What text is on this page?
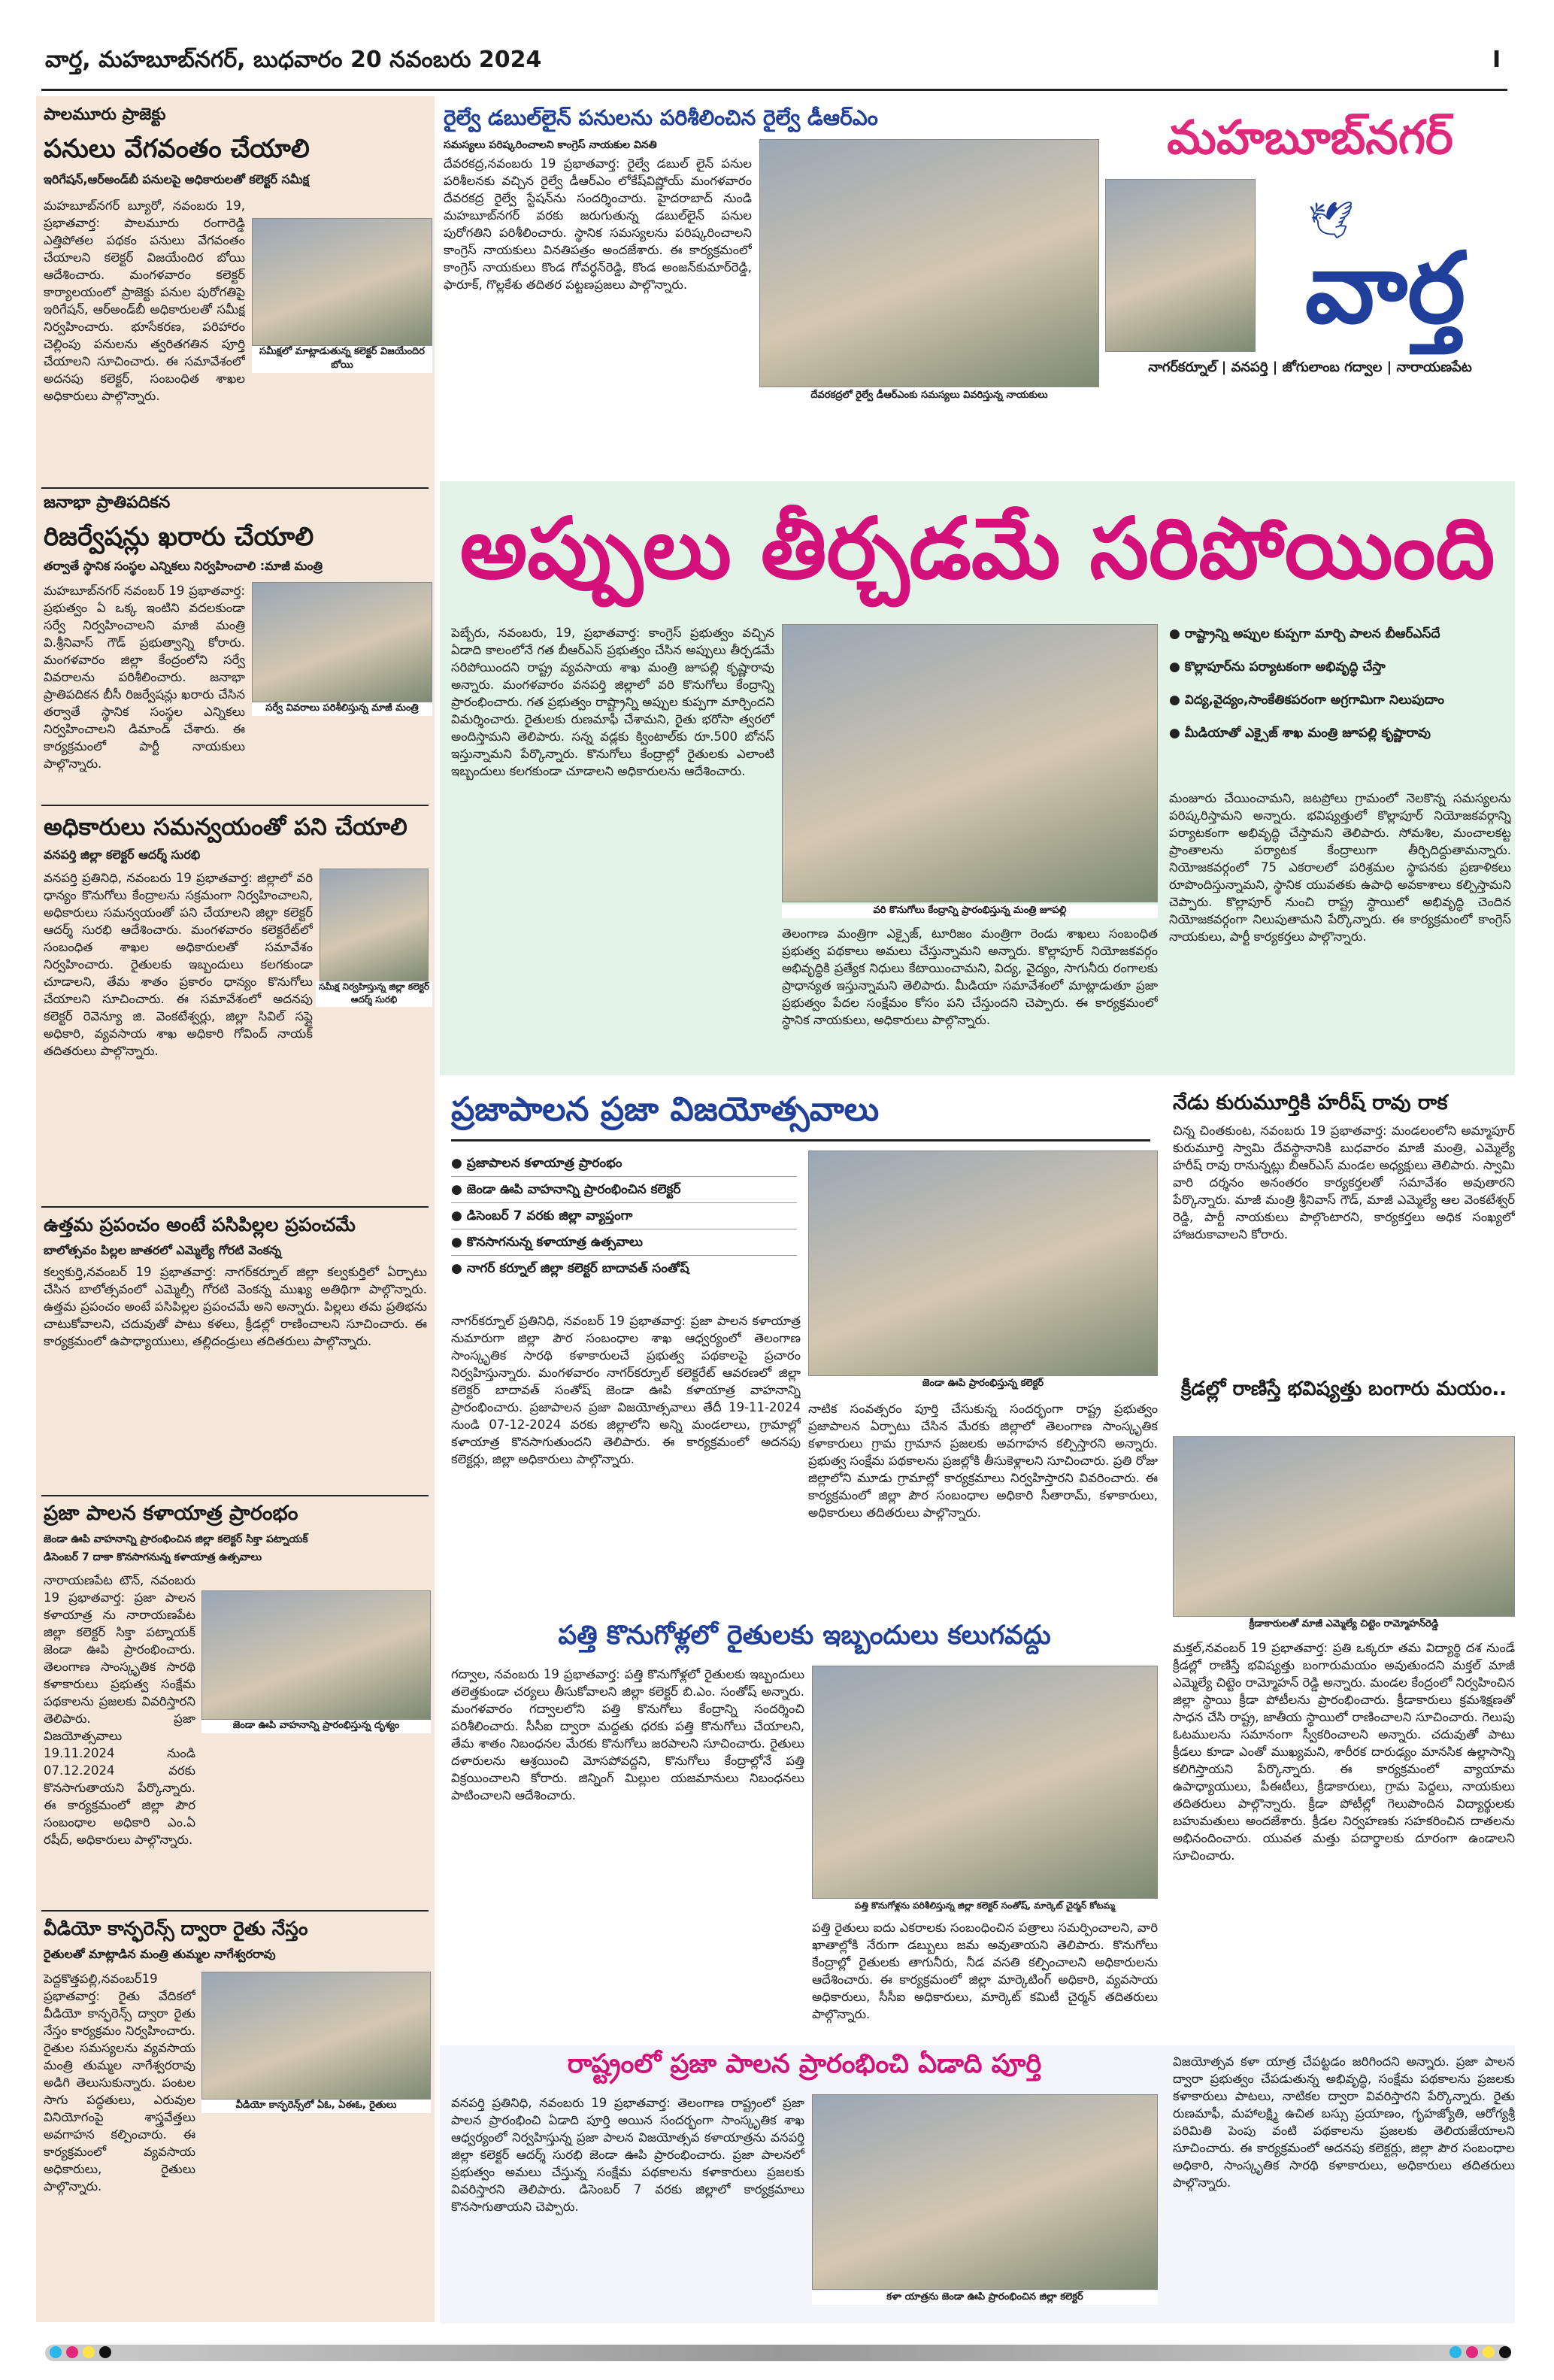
వార్త, మహబూబ్‌నగర్, బుధవారం 20 నవంబరు 2024	I
పాలమూరు ప్రాజెక్టు
పనులు వేగవంతం చేయాలి
ఇరిగేషన్,ఆర్‌అండ్‌బీ పనులపై అధికారులతో కలెక్టర్ సమీక్ష
సమీక్షలో మాట్లాడుతున్న కలెక్టర్ విజయేందిర బోయి
మహబూబ్‌నగర్ బ్యూరో, నవంబరు 19, ప్రభాతవార్త: పాలమూరు రంగారెడ్డి ఎత్తిపోతల పథకం పనులు వేగవంతం చేయాలని కలెక్టర్ విజయేందిర బోయి ఆదేశించారు. మంగళవారం కలెక్టర్ కార్యాలయంలో ప్రాజెక్టు పనుల పురోగతిపై ఇరిగేషన్, ఆర్‌అండ్‌బీ అధికారులతో సమీక్ష నిర్వహించారు. భూసేకరణ, పరిహారం చెల్లింపు పనులను త్వరితగతిన పూర్తి చేయాలని సూచించారు. ఈ సమావేశంలో అదనపు కలెక్టర్, సంబంధిత శాఖల అధికారులు పాల్గొన్నారు.
జనాభా ప్రాతిపదికన
రిజర్వేషన్లు ఖరారు చేయాలి
తర్వాతే స్థానిక సంస్థల ఎన్నికలు నిర్వహించాలి :మాజీ మంత్రి
సర్వే వివరాలు పరిశీలిస్తున్న మాజీ మంత్రి
మహబూబ్‌నగర్ నవంబర్ 19 ప్రభాతవార్త: ప్రభుత్వం ఏ ఒక్క ఇంటిని వదలకుండా సర్వే నిర్వహించాలని మాజీ మంత్రి వి.శ్రీనివాస్ గౌడ్ ప్రభుత్వాన్ని కోరారు. మంగళవారం జిల్లా కేంద్రంలోని సర్వే వివరాలను పరిశీలించారు. జనాభా ప్రాతిపదికన బీసీ రిజర్వేషన్లు ఖరారు చేసిన తర్వాతే స్థానిక సంస్థల ఎన్నికలు నిర్వహించాలని డిమాండ్ చేశారు. ఈ కార్యక్రమంలో పార్టీ నాయకులు పాల్గొన్నారు.
అధికారులు సమన్వయంతో పని చేయాలి
వనపర్తి జిల్లా కలెక్టర్ ఆదర్శ్ సురభి
సమీక్ష నిర్వహిస్తున్న జిల్లా కలెక్టర్ ఆదర్శ్ సురభి
వనపర్తి ప్రతినిధి, నవంబరు 19 ప్రభాతవార్త: జిల్లాలో వరి ధాన్యం కొనుగోలు కేంద్రాలను సక్రమంగా నిర్వహించాలని, అధికారులు సమన్వయంతో పని చేయాలని జిల్లా కలెక్టర్ ఆదర్శ్ సురభి ఆదేశించారు. మంగళవారం కలెక్టరేట్‌లో సంబంధిత శాఖల అధికారులతో సమావేశం నిర్వహించారు. రైతులకు ఇబ్బందులు కలగకుండా చూడాలని, తేమ శాతం ప్రకారం ధాన్యం కొనుగోలు చేయాలని సూచించారు. ఈ సమావేశంలో అదనపు కలెక్టర్ రెవెన్యూ జి. వెంకటేశ్వర్లు, జిల్లా సివిల్ సప్లై అధికారి, వ్యవసాయ శాఖ అధికారి గోవింద్ నాయక్ తదితరులు పాల్గొన్నారు.
ఉత్తమ ప్రపంచం అంటే పసిపిల్లల ప్రపంచమే
బాలోత్సవం పిల్లల జాతరలో ఎమ్మెల్యే గోరటి వెంకన్న
కల్వకుర్తి,నవంబర్ 19 ప్రభాతవార్త: నాగర్‌కర్నూల్ జిల్లా కల్వకుర్తిలో ఏర్పాటు చేసిన బాలోత్సవంలో ఎమ్మెల్సీ గోరటి వెంకన్న ముఖ్య అతిథిగా పాల్గొన్నారు. ఉత్తమ ప్రపంచం అంటే పసిపిల్లల ప్రపంచమే అని అన్నారు. పిల్లలు తమ ప్రతిభను చాటుకోవాలని, చదువుతో పాటు కళలు, క్రీడల్లో రాణించాలని సూచించారు. ఈ కార్యక్రమంలో ఉపాధ్యాయులు, తల్లిదండ్రులు తదితరులు పాల్గొన్నారు.
ప్రజా పాలన కళాయాత్ర ప్రారంభం
జెండా ఊపి వాహనాన్ని ప్రారంభించిన జిల్లా కలెక్టర్ సిక్తా పట్నాయక్
డిసెంబర్ 7 దాకా కొనసాగనున్న కళాయాత్ర ఉత్సవాలు
జెండా ఊపి వాహనాన్ని ప్రారంభిస్తున్న దృశ్యం
నారాయణపేట టౌన్, నవంబరు 19 ప్రభాతవార్త: ప్రజా పాలన కళాయాత్ర ను నారాయణపేట జిల్లా కలెక్టర్ సిక్తా పట్నాయక్ జెండా ఊపి ప్రారంభించారు. తెలంగాణ సాంస్కృతిక సారథి కళాకారులు ప్రభుత్వ సంక్షేమ పథకాలను ప్రజలకు వివరిస్తారని తెలిపారు. ప్రజా విజయోత్సవాలు 19.11.2024 నుండి 07.12.2024 వరకు కొనసాగుతాయని పేర్కొన్నారు. ఈ కార్యక్రమంలో జిల్లా పౌర సంబంధాల అధికారి ఎం.ఏ రషీద్, అధికారులు పాల్గొన్నారు.
వీడియో కాన్ఫరెన్స్ ద్వారా రైతు నేస్తం
రైతులతో మాట్లాడిన మంత్రి తుమ్మల నాగేశ్వరరావు
వీడియో కాన్ఫరెన్స్‌లో ఏఓ, ఏఈఓ, రైతులు
పెద్దకొత్తపల్లి,నవంబర్19 ప్రభాతవార్త: రైతు వేదికలో వీడియో కాన్ఫరెన్స్ ద్వారా రైతు నేస్తం కార్యక్రమం నిర్వహించారు. రైతుల సమస్యలను వ్యవసాయ మంత్రి తుమ్మల నాగేశ్వరరావు అడిగి తెలుసుకున్నారు. పంటల సాగు పద్ధతులు, ఎరువుల వినియోగంపై శాస్త్రవేత్తలు అవగాహన కల్పించారు. ఈ కార్యక్రమంలో వ్యవసాయ అధికారులు, రైతులు పాల్గొన్నారు.
రైల్వే డబుల్‌లైన్ పనులను పరిశీలించిన రైల్వే డీఆర్‌ఎం
సమస్యలు పరిష్కరించాలని కాంగ్రెస్ నాయకుల వినతి
దేవరకద్ర,నవంబరు 19 ప్రభాతవార్త: రైల్వే డబుల్ లైన్ పనుల పరిశీలనకు వచ్చిన రైల్వే డీఆర్‌ఎం లోకేష్‌విష్ణోయ్ మంగళవారం దేవరకద్ర రైల్వే స్టేషన్‌ను సందర్శించారు. హైదరాబాద్ నుండి మహబూబ్‌నగర్ వరకు జరుగుతున్న డబుల్‌లైన్ పనుల పురోగతిని పరిశీలించారు. స్థానిక సమస్యలను పరిష్కరించాలని కాంగ్రెస్ నాయకులు వినతిపత్రం అందజేశారు. ఈ కార్యక్రమంలో కాంగ్రెస్ నాయకులు కొండ గోవర్ధన్‌రెడ్డి, కొండ అంజన్‌కుమార్‌రెడ్డి, ఫారూక్, గొల్లకేశు తదితర పట్టణప్రజలు పాల్గొన్నారు.
దేవరకద్రలో రైల్వే డీఆర్‌ఎంకు సమస్యలు వివరిస్తున్న నాయకులు
మహబూబ్‌నగర్
🕊
వార్త
నాగర్‌కర్నూల్ | వనపర్తి | జోగులాంబ గద్వాల | నారాయణపేట
అప్పులు తీర్చడమే సరిపోయింది
పెబ్బేరు, నవంబరు, 19, ప్రభాతవార్త: కాంగ్రెస్ ప్రభుత్వం వచ్చిన ఏడాది కాలంలోనే గత బీఆర్‌ఎస్ ప్రభుత్వం చేసిన అప్పులు తీర్చడమే సరిపోయిందని రాష్ట్ర వ్యవసాయ శాఖ మంత్రి జూపల్లి కృష్ణారావు అన్నారు. మంగళవారం వనపర్తి జిల్లాలో వరి కొనుగోలు కేంద్రాన్ని ప్రారంభించారు. గత ప్రభుత్వం రాష్ట్రాన్ని అప్పుల కుప్పగా మార్చిందని విమర్శించారు. రైతులకు రుణమాఫీ చేశామని, రైతు భరోసా త్వరలో అందిస్తామని తెలిపారు. సన్న వడ్లకు క్వింటాల్‌కు రూ.500 బోనస్ ఇస్తున్నామని పేర్కొన్నారు. కొనుగోలు కేంద్రాల్లో రైతులకు ఎలాంటి ఇబ్బందులు కలగకుండా చూడాలని అధికారులను ఆదేశించారు.
వరి కొనుగోలు కేంద్రాన్ని ప్రారంభిస్తున్న మంత్రి జూపల్లి
తెలంగాణ మంత్రిగా ఎక్సైజ్, టూరిజం మంత్రిగా రెండు శాఖలు సంబంధిత ప్రభుత్వ పథకాలు అమలు చేస్తున్నామని అన్నారు. కొల్లాపూర్ నియోజకవర్గం అభివృద్ధికి ప్రత్యేక నిధులు కేటాయించామని, విద్య, వైద్యం, సాగునీరు రంగాలకు ప్రాధాన్యత ఇస్తున్నామని తెలిపారు. మీడియా సమావేశంలో మాట్లాడుతూ ప్రజా ప్రభుత్వం పేదల సంక్షేమం కోసం పని చేస్తుందని చెప్పారు. ఈ కార్యక్రమంలో స్థానిక నాయకులు, అధికారులు పాల్గొన్నారు.
● రాష్ట్రాన్ని అప్పుల కుప్పగా మార్చి పాలన బీఆర్‌ఎస్‌దే
● కొల్లాపూర్‌ను పర్యాటకంగా అభివృద్ధి చేస్తా
● విద్య,వైద్యం,సాంకేతికపరంగా అగ్రగామిగా నిలుపుదాం
● మీడియాతో ఎక్సైజ్ శాఖ మంత్రి జూపల్లి కృష్ణారావు
మంజూరు చేయించామని, జటప్రోలు గ్రామంలో నెలకొన్న సమస్యలను పరిష్కరిస్తామని అన్నారు. భవిష్యత్తులో కొల్లాపూర్ నియోజకవర్గాన్ని పర్యాటకంగా అభివృద్ధి చేస్తామని తెలిపారు. సోమశిల, మంచాలకట్ట ప్రాంతాలను పర్యాటక కేంద్రాలుగా తీర్చిదిద్దుతామన్నారు. నియోజకవర్గంలో 75 ఎకరాలలో పరిశ్రమల స్థాపనకు ప్రణాళికలు రూపొందిస్తున్నామని, స్థానిక యువతకు ఉపాధి అవకాశాలు కల్పిస్తామని చెప్పారు. కొల్లాపూర్ నుంచి రాష్ట్ర స్థాయిలో అభివృద్ధి చెందిన నియోజకవర్గంగా నిలుపుతామని పేర్కొన్నారు. ఈ కార్యక్రమంలో కాంగ్రెస్ నాయకులు, పార్టీ కార్యకర్తలు పాల్గొన్నారు.
ప్రజాపాలన ప్రజా విజయోత్సవాలు
● ప్రజాపాలన కళాయాత్ర ప్రారంభం
● జెండా ఊపి వాహనాన్ని ప్రారంభించిన కలెక్టర్
● డిసెంబర్ 7 వరకు జిల్లా వ్యాప్తంగా
● కొనసాగనున్న కళాయాత్ర ఉత్సవాలు
● నాగర్ కర్నూల్ జిల్లా కలెక్టర్ బాదావత్ సంతోష్
జెండా ఊపి ప్రారంభిస్తున్న కలెక్టర్
నాగర్‌కర్నూల్ ప్రతినిధి, నవంబర్ 19 ప్రభాతవార్త: ప్రజా పాలన కళాయాత్ర నుమారుగా జిల్లా పౌర సంబంధాల శాఖ ఆధ్వర్యంలో తెలంగాణ సాంస్కృతిక సారథి కళాకారులచే ప్రభుత్వ పథకాలపై ప్రచారం నిర్వహిస్తున్నారు. మంగళవారం నాగర్‌కర్నూల్ కలెక్టరేట్ ఆవరణలో జిల్లా కలెక్టర్ బాదావత్ సంతోష్ జెండా ఊపి కళాయాత్ర వాహనాన్ని ప్రారంభించారు. ప్రజాపాలన ప్రజా విజయోత్సవాలు తేదీ 19-11-2024 నుండి 07-12-2024 వరకు జిల్లాలోని అన్ని మండలాలు, గ్రామాల్లో కళాయాత్ర కొనసాగుతుందని తెలిపారు. ఈ కార్యక్రమంలో అదనపు కలెక్టర్లు, జిల్లా అధికారులు పాల్గొన్నారు.
నాటిక సంవత్సరం పూర్తి చేసుకున్న సందర్భంగా రాష్ట్ర ప్రభుత్వం ప్రజాపాలన ఏర్పాటు చేసిన మేరకు జిల్లాలో తెలంగాణ సాంస్కృతిక కళాకారులు గ్రామ గ్రామాన ప్రజలకు అవగాహన కల్పిస్తారని అన్నారు. ప్రభుత్వ సంక్షేమ పథకాలను ప్రజల్లోకి తీసుకెళ్లాలని సూచించారు. ప్రతి రోజు జిల్లాలోని మూడు గ్రామాల్లో కార్యక్రమాలు నిర్వహిస్తారని వివరించారు. ఈ కార్యక్రమంలో జిల్లా పౌర సంబంధాల అధికారి సీతారామ్, కళాకారులు, అధికారులు తదితరులు పాల్గొన్నారు.
పత్తి కొనుగోళ్లలో రైతులకు ఇబ్బందులు కలుగవద్దు
గద్వాల, నవంబరు 19 ప్రభాతవార్త: పత్తి కొనుగోళ్లలో రైతులకు ఇబ్బందులు తలెత్తకుండా చర్యలు తీసుకోవాలని జిల్లా కలెక్టర్ బి.ఎం. సంతోష్ అన్నారు. మంగళవారం గద్వాలలోని పత్తి కొనుగోలు కేంద్రాన్ని సందర్శించి పరిశీలించారు. సీసీఐ ద్వారా మద్దతు ధరకు పత్తి కొనుగోలు చేయాలని, తేమ శాతం నిబంధనల మేరకు కొనుగోలు జరపాలని సూచించారు. రైతులు దళారులను ఆశ్రయించి మోసపోవద్దని, కొనుగోలు కేంద్రాల్లోనే పత్తి విక్రయించాలని కోరారు. జిన్నింగ్ మిల్లుల యజమానులు నిబంధనలు పాటించాలని ఆదేశించారు.
పత్తి కొనుగోళ్లను పరిశీలిస్తున్న జిల్లా కలెక్టర్ సంతోష్, మార్కెట్ చైర్మన్ కోటమ్మ
పత్తి రైతులు ఐదు ఎకరాలకు సంబంధించిన పత్రాలు సమర్పించాలని, వారి ఖాతాల్లోకి నేరుగా డబ్బులు జమ అవుతాయని తెలిపారు. కొనుగోలు కేంద్రాల్లో రైతులకు తాగునీరు, నీడ వసతి కల్పించాలని అధికారులను ఆదేశించారు. ఈ కార్యక్రమంలో జిల్లా మార్కెటింగ్ అధికారి, వ్యవసాయ అధికారులు, సీసీఐ అధికారులు, మార్కెట్ కమిటీ చైర్మన్ తదితరులు పాల్గొన్నారు.
నేడు కురుమూర్తికి హరీష్ రావు రాక
చిన్న చింతకుంట, నవంబరు 19 ప్రభాతవార్త: మండలంలోని అమ్మాపూర్ కురుమూర్తి స్వామి దేవస్థానానికి బుధవారం మాజీ మంత్రి, ఎమ్మెల్యే హరీష్ రావు రానున్నట్లు బీఆర్‌ఎస్ మండల అధ్యక్షులు తెలిపారు. స్వామి వారి దర్శనం అనంతరం కార్యకర్తలతో సమావేశం అవుతారని పేర్కొన్నారు. మాజీ మంత్రి శ్రీనివాస్ గౌడ్, మాజీ ఎమ్మెల్యే ఆల వెంకటేశ్వర్ రెడ్డి, పార్టీ నాయకులు పాల్గొంటారని, కార్యకర్తలు అధిక సంఖ్యలో హాజరుకావాలని కోరారు.
క్రీడల్లో రాణిస్తే భవిష్యత్తు బంగారు మయం..
క్రీడాకారులతో మాజీ ఎమ్మెల్యే చిట్టెం రామ్మోహన్‌రెడ్డి
మక్తల్,నవంబర్ 19 ప్రభాతవార్త: ప్రతి ఒక్కరూ తమ విద్యార్థి దశ నుండే క్రీడల్లో రాణిస్తే భవిష్యత్తు బంగారుమయం అవుతుందని మక్తల్ మాజీ ఎమ్మెల్యే చిట్టెం రామ్మోహన్ రెడ్డి అన్నారు. మండల కేంద్రంలో నిర్వహించిన జిల్లా స్థాయి క్రీడా పోటీలను ప్రారంభించారు. క్రీడాకారులు క్రమశిక్షణతో సాధన చేసి రాష్ట్ర, జాతీయ స్థాయిలో రాణించాలని సూచించారు. గెలుపు ఓటములను సమానంగా స్వీకరించాలని అన్నారు. చదువుతో పాటు క్రీడలు కూడా ఎంతో ముఖ్యమని, శారీరక దారుఢ్యం మానసిక ఉల్లాసాన్ని కలిగిస్తాయని పేర్కొన్నారు. ఈ కార్యక్రమంలో వ్యాయామ ఉపాధ్యాయులు, పీఈటీలు, క్రీడాకారులు, గ్రామ పెద్దలు, నాయకులు తదితరులు పాల్గొన్నారు. క్రీడా పోటీల్లో గెలుపొందిన విద్యార్థులకు బహుమతులు అందజేశారు. క్రీడల నిర్వహణకు సహకరించిన దాతలను అభినందించారు. యువత మత్తు పదార్థాలకు దూరంగా ఉండాలని సూచించారు.
రాష్ట్రంలో ప్రజా పాలన ప్రారంభించి ఏడాది పూర్తి
వనపర్తి ప్రతినిధి, నవంబరు 19 ప్రభాతవార్త: తెలంగాణ రాష్ట్రంలో ప్రజా పాలన ప్రారంభించి ఏడాది పూర్తి అయిన సందర్భంగా సాంస్కృతిక శాఖ ఆధ్వర్యంలో నిర్వహిస్తున్న ప్రజా పాలన విజయోత్సవ కళాయాత్రను వనపర్తి జిల్లా కలెక్టర్ ఆదర్శ్ సురభి జెండా ఊపి ప్రారంభించారు. ప్రజా పాలనలో ప్రభుత్వం అమలు చేస్తున్న సంక్షేమ పథకాలను కళాకారులు ప్రజలకు వివరిస్తారని తెలిపారు. డిసెంబర్ 7 వరకు జిల్లాలో కార్యక్రమాలు కొనసాగుతాయని చెప్పారు.
కళా యాత్రను జెండా ఊపి ప్రారంభించిన జిల్లా కలెక్టర్
విజయోత్సవ కళా యాత్ర చేపట్టడం జరిగిందని అన్నారు. ప్రజా పాలన ద్వారా ప్రభుత్వం చేపడుతున్న అభివృద్ధి, సంక్షేమ పథకాలను ప్రజలకు కళాకారులు పాటలు, నాటికల ద్వారా వివరిస్తారని పేర్కొన్నారు. రైతు రుణమాఫీ, మహాలక్ష్మి ఉచిత బస్సు ప్రయాణం, గృహజ్యోతి, ఆరోగ్యశ్రీ పరిమితి పెంపు వంటి పథకాలను ప్రజలకు తెలియజేయాలని సూచించారు. ఈ కార్యక్రమంలో అదనపు కలెక్టర్లు, జిల్లా పౌర సంబంధాల అధికారి, సాంస్కృతిక సారథి కళాకారులు, అధికారులు తదితరులు పాల్గొన్నారు.
